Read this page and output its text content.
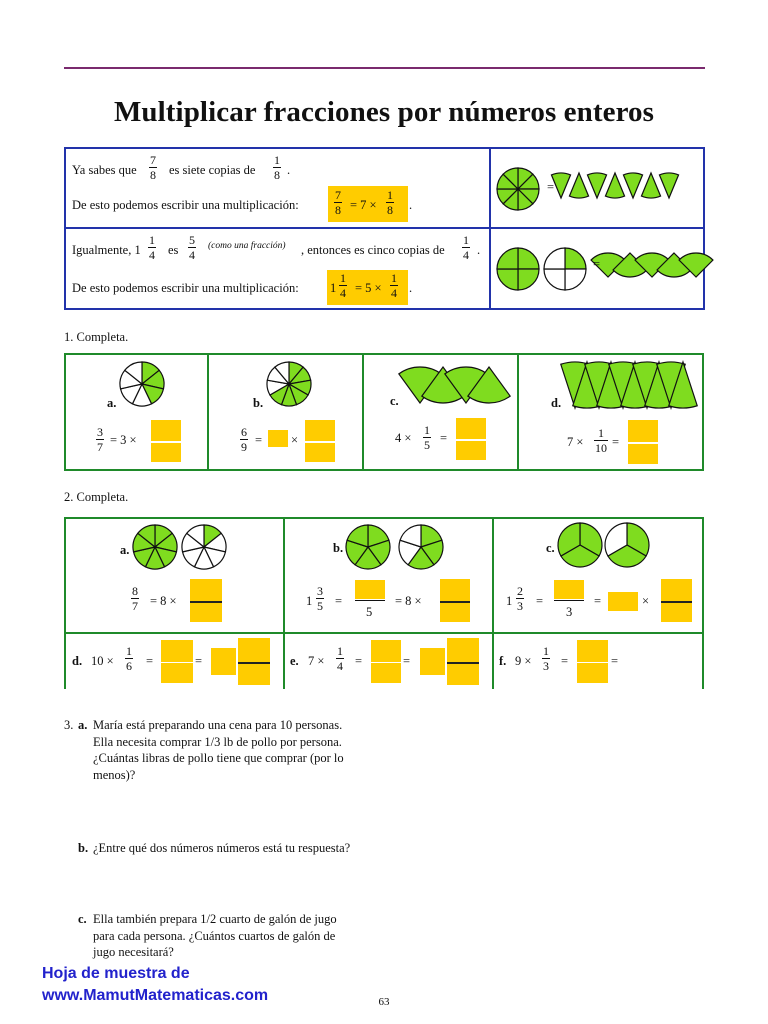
Multiplicar fracciones por números enteros
Ya sabes que $\frac{7}{8}$ es siete copias de $\frac{1}{8}$ .
De esto podemos escribir una multiplicación:	$\frac{7}{8} = 7 \times \frac{1}{8}$ .
Igualmente, $1 \frac{1}{4}$ es $\frac{5}{4}$ (como una fracción) , entonces es cinco copias de $\frac{1}{4}$ .
De esto podemos escribir una multiplicación:	$1 \frac{1}{4} = 5 \times \frac{1}{4}$ .
=
=
1. Completa.
a.
$\frac{3}{7} = 3$ ×
b.
$\frac{6}{9}$ = ×
c.
$4 \times \frac{1}{5}$ =
d.
$7 \times \frac{1}{10}$ =
2. Completa.
a.
$\frac{8}{7} = 8$ ×
b.
$1 \frac{3}{5}$ =
5
= 8 ×
c.
$1 \frac{2}{3}$ =
3
=	×
d. $10 \times \frac{1}{6}$ =	=	e. $7 \times \frac{1}{4}$ =	=	f. $9 \times \frac{1}{3}$ =	=
3. a. María está preparando una cena para 10 personas.
Ella necesita comprar 1/3 lb de pollo por persona.
¿Cuántas libras de pollo tiene que comprar (por lo
menos)?
b. ¿Entre qué dos números números está tu respuesta?
c. Ella también prepara 1/2 cuarto de galón de jugo
para cada persona. ¿Cuántos cuartos de galón de
jugo necesitará?
Hoja de muestra de
www.MamutMatematicas.com	63
